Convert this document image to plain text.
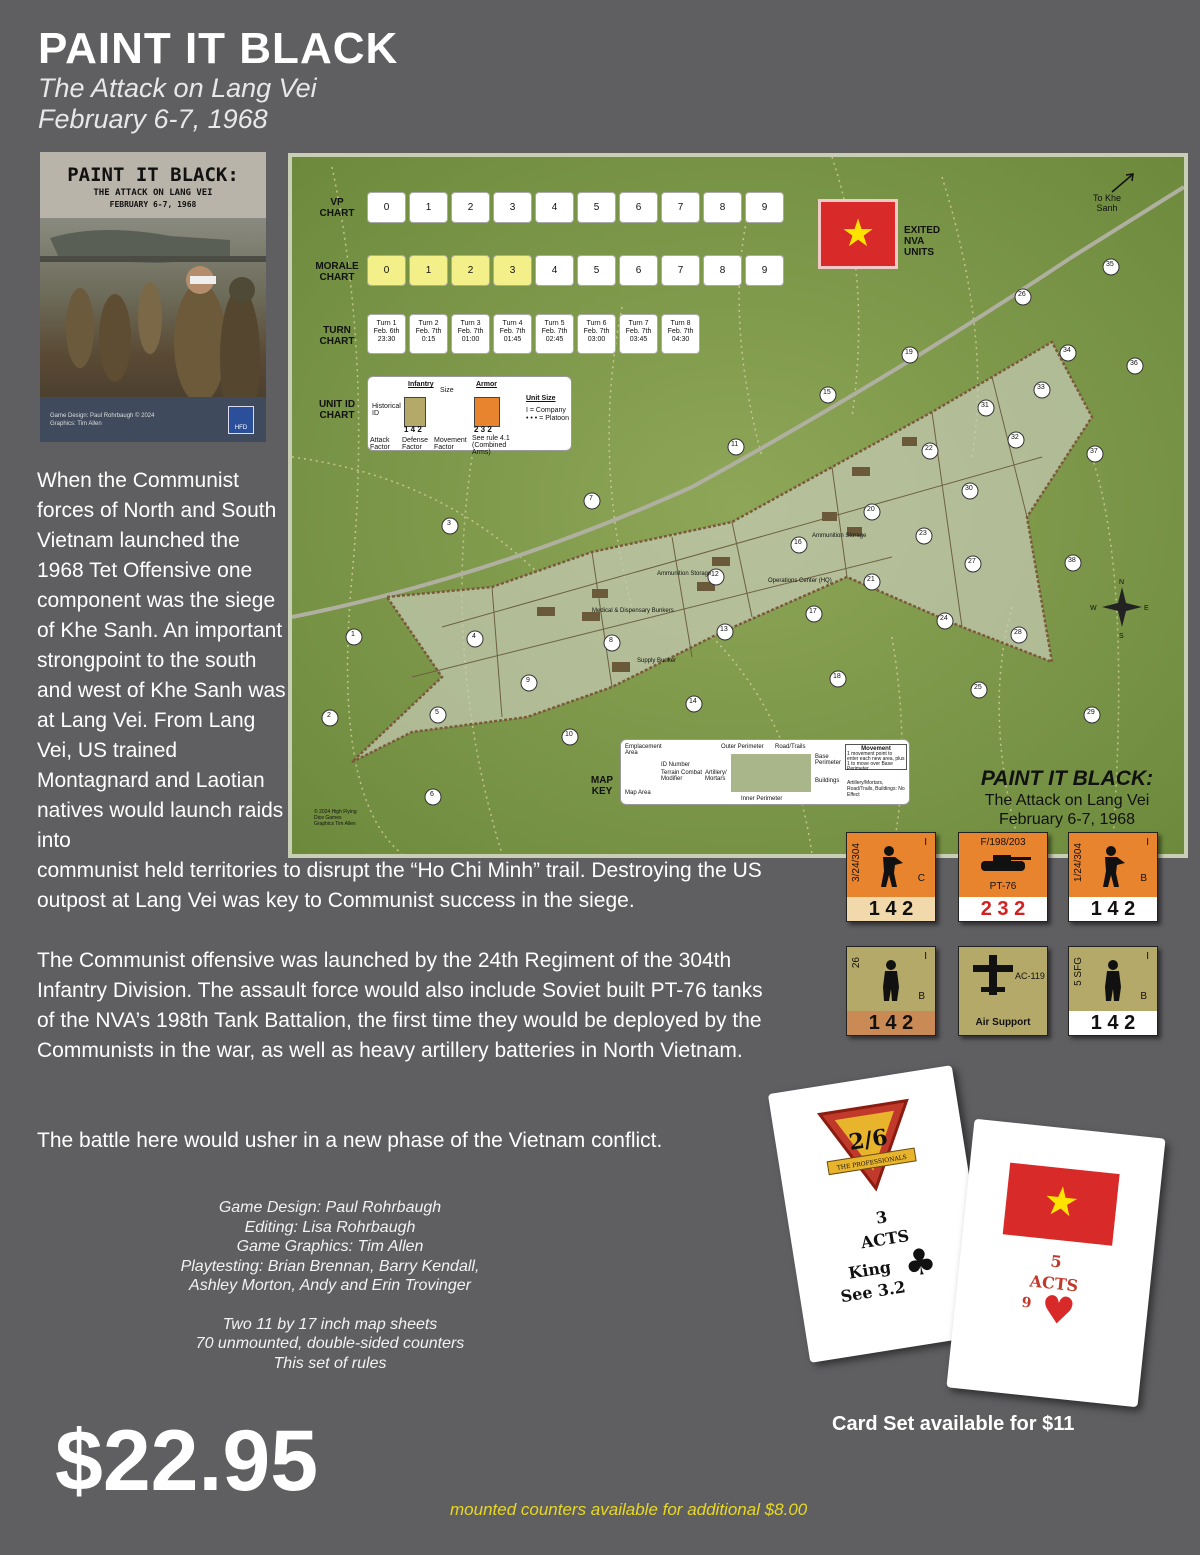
PAINT IT BLACK
The Attack on Lang Vei
February 6-7, 1968
PAINT IT BLACK:
THE ATTACK ON LANG VEI
FEBRUARY 6-7, 1968
Game Design: Paul Rohrbaugh © 2024
Graphics: Tim Allen
HFD
When the Communist forces of North and South Vietnam launched the 1968 Tet Offensive one component was the siege of Khe Sanh. An important strongpoint to the south and west of Khe Sanh was at Lang Vei. From Lang Vei, US trained Montagnard and Laotian natives would launch raids into
communist held territories to disrupt the “Ho Chi Minh” trail. Destroying the US outpost at Lang Vei was key to Communist success in the siege.
The Communist offensive was launched by the 24th Regiment of the 304th Infantry Division. The assault force would also include Soviet built PT-76 tanks of the NVA’s 198th Tank Battalion, the first time they would be deployed by the Communists in the war, as well as heavy artillery batteries in North Vietnam.
The battle here would usher in a new phase of the Vietnam conflict.
Game Design: Paul Rohrbaugh
Editing: Lisa Rohrbaugh
Game Graphics: Tim Allen
Playtesting: Brian Brennan, Barry Kendall,
Ashley Morton, Andy and Erin Trovinger
Two 11 by 17 inch map sheets
70 unmounted, double-sided counters
This set of rules
$22.95
mounted counters available for additional $8.00
Card Set available for $11
3
7
11
15
19
26
35
36
37
38
1
2
6
10
14
18
25
29
4
5
8
9
12
13
16
17
20
21
22
23
24
28
27
30
31
32
33
34
N
S
E
W
Ammunition Storage
Medical & Dispensary Bunkers
Supply Bunker
Operations Center (HQ)
Ammunition Storage
VP CHART
0	1	2	3	4	5	6	7	8	9
MORALE CHART
0	1	2	3	4	5	6	7	8	9
TURN CHART
Turn 1
Feb. 6th
23:30
Turn 2
Feb. 7th
0:15
Turn 3
Feb. 7th
01:00
Turn 4
Feb. 7th
01:45
Turn 5
Feb. 7th
02:45
Turn 6
Feb. 7th
03:00
Turn 7
Feb. 7th
03:45
Turn 8
Feb. 7th
04:30
★	EXITED NVA UNITS
To Khe Sanh
UNIT ID CHART
Infantry	Armor
Unit Size
Size
Historical ID
1 4 2	2 3 2
Attack Factor
Defense Factor
Movement Factor
I = Company
• • • = Platoon
See rule 4.1 (Combined Arms)
MAP KEY
Emplacement Area
ID Number
Terrain Combat Modifier
Map Area
Outer Perimeter Road/Trails
Base Perimeter
Artillery/ Mortars	Buildings
Inner Perimeter
Movement
1 movement point to enter each new area, plus 1 to move over Base Perimeter
Artillery/Mortars, Road/Trails, Buildings: No Effect
© 2024 High Flying Dice Games Graphics Tim Allen
PAINT IT BLACK:
The Attack on Lang Vei
February 6-7, 1968
3/24/304
I
C
1 4 2
F/198/203
PT-76
2 3 2
1/24/304
I
B
1 4 2
26
I
B
1 4 2
AC-119
Air Support
5 SFG
I
B
1 4 2
THE PROFESSIONALS
2/6
3
ACTS
King ♣
See 3.2
★
5
ACTS
9 ♥
